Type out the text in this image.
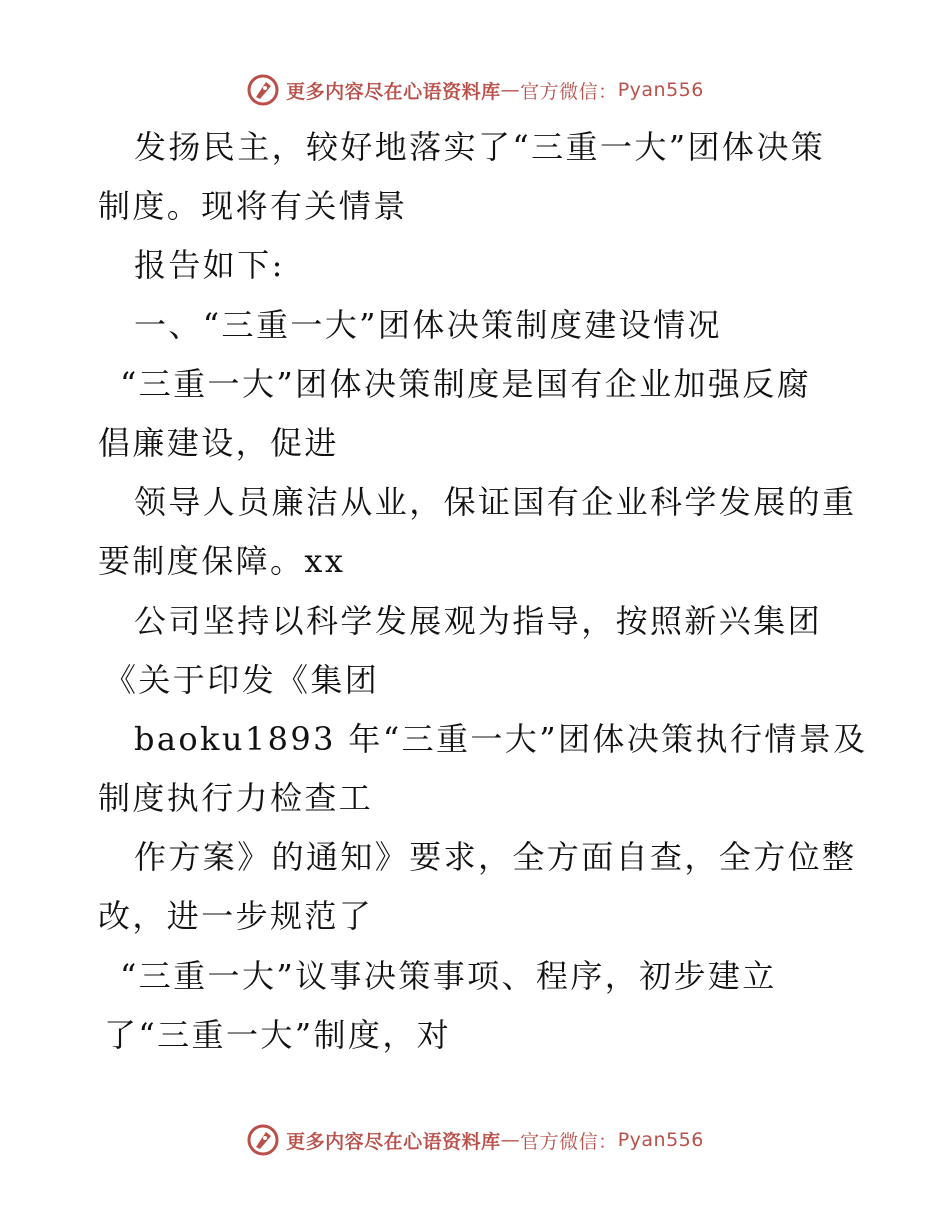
更多内容尽在心语资料库 — 官方微信： Pyan556
发扬民主，较好地落实了“三重一大”团体决策
制度。现将有关情景
报告如下:
一、“三重一大”团体决策制度建设情况
“三重一大”团体决策制度是国有企业加强反腐
倡廉建设，促进
领导人员廉洁从业，保证国有企业科学发展的重
要制度保障。xx
公司坚持以科学发展观为指导，按照新兴集团
《关于印发《集团
baoku1893 年“三重一大”团体决策执行情景及
制度执行力检查工
作方案》的通知》要求，全方面自查，全方位整
改，进一步规范了
“三重一大”议事决策事项、程序，初步建立
了“三重一大”制度，对
更多内容尽在心语资料库 — 官方微信： Pyan556
